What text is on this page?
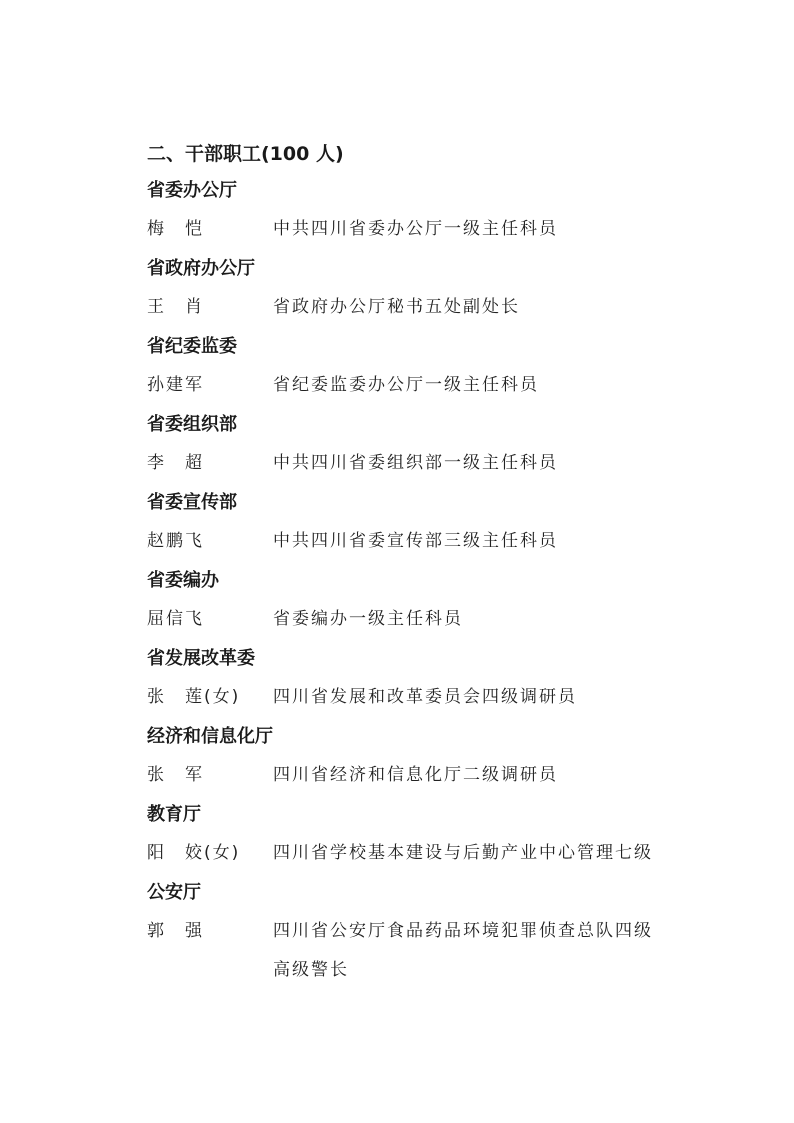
二、干部职工(100 人)
省委办公厅
梅　恺	中共四川省委办公厅一级主任科员
省政府办公厅
王　肖	省政府办公厅秘书五处副处长
省纪委监委
孙建军	省纪委监委办公厅一级主任科员
省委组织部
李　超	中共四川省委组织部一级主任科员
省委宣传部
赵鹏飞	中共四川省委宣传部三级主任科员
省委编办
屈信飞	省委编办一级主任科员
省发展改革委
张　莲(女) 四川省发展和改革委员会四级调研员
经济和信息化厅
张　军	四川省经济和信息化厅二级调研员
教育厅
阳　姣(女) 四川省学校基本建设与后勤产业中心管理七级
公安厅
郭　强	四川省公安厅食品药品环境犯罪侦查总队四级
高级警长
